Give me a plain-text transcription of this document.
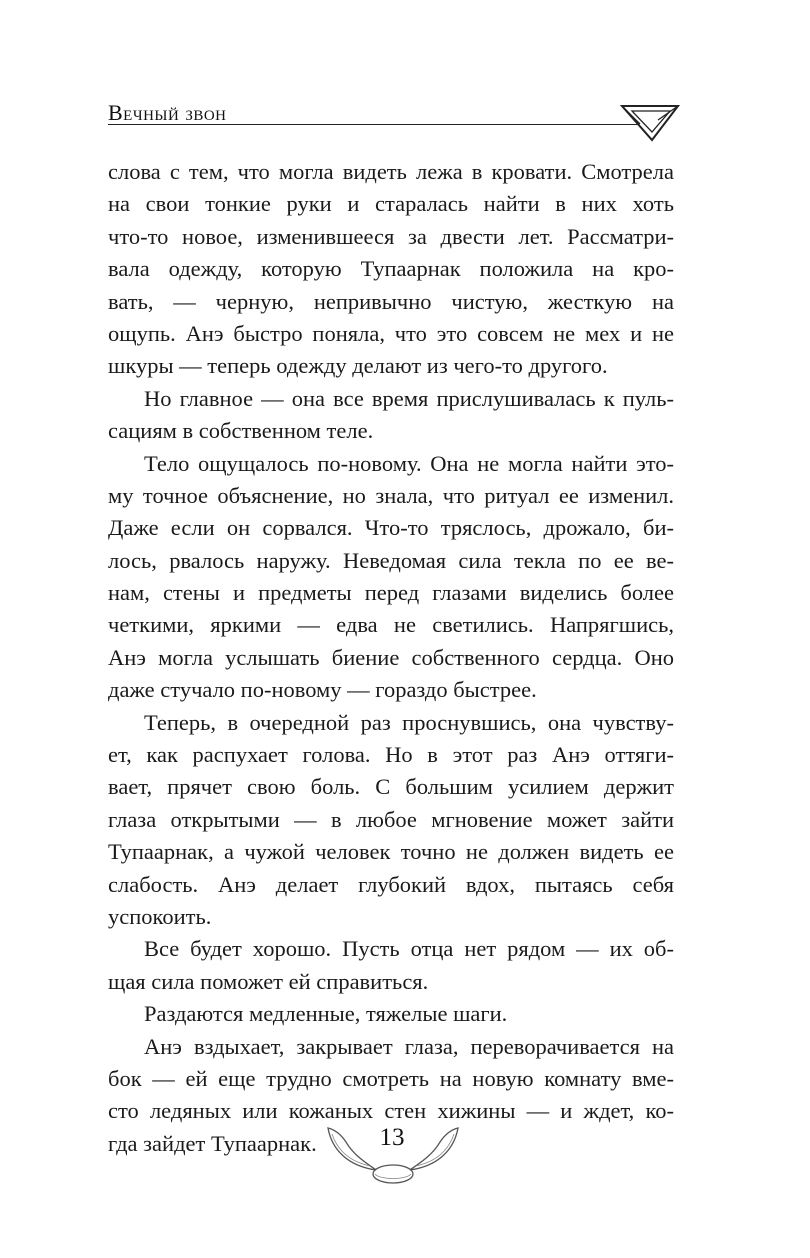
Вечный звон
слова с тем, что могла видеть лежа в кровати. Смотрела
на свои тонкие руки и старалась найти в них хоть
что-то новое, изменившееся за двести лет. Рассматри-
вала одежду, которую Тупаарнак положила на кро-
вать, — черную, непривычно чистую, жесткую на
ощупь. Анэ быстро поняла, что это совсем не мех и не
шкуры — теперь одежду делают из чего-то другого.
Но главное — она все время прислушивалась к пуль-
сациям в собственном теле.
Тело ощущалось по-новому. Она не могла найти это-
му точное объяснение, но знала, что ритуал ее изменил.
Даже если он сорвался. Что-то тряслось, дрожало, би-
лось, рвалось наружу. Неведомая сила текла по ее ве-
нам, стены и предметы перед глазами виделись более
четкими, яркими — едва не светились. Напрягшись,
Анэ могла услышать биение собственного сердца. Оно
даже стучало по-новому — гораздо быстрее.
Теперь, в очередной раз проснувшись, она чувству-
ет, как распухает голова. Но в этот раз Анэ оттяги-
вает, прячет свою боль. С большим усилием держит
глаза открытыми — в любое мгновение может зайти
Тупаарнак, а чужой человек точно не должен видеть ее
слабость. Анэ делает глубокий вдох, пытаясь себя
успокоить.
Все будет хорошо. Пусть отца нет рядом — их об-
щая сила поможет ей справиться.
Раздаются медленные, тяжелые шаги.
Анэ вздыхает, закрывает глаза, переворачивается на
бок — ей еще трудно смотреть на новую комнату вме-
сто ледяных или кожаных стен хижины — и ждет, ко-
гда зайдет Тупаарнак.	13
